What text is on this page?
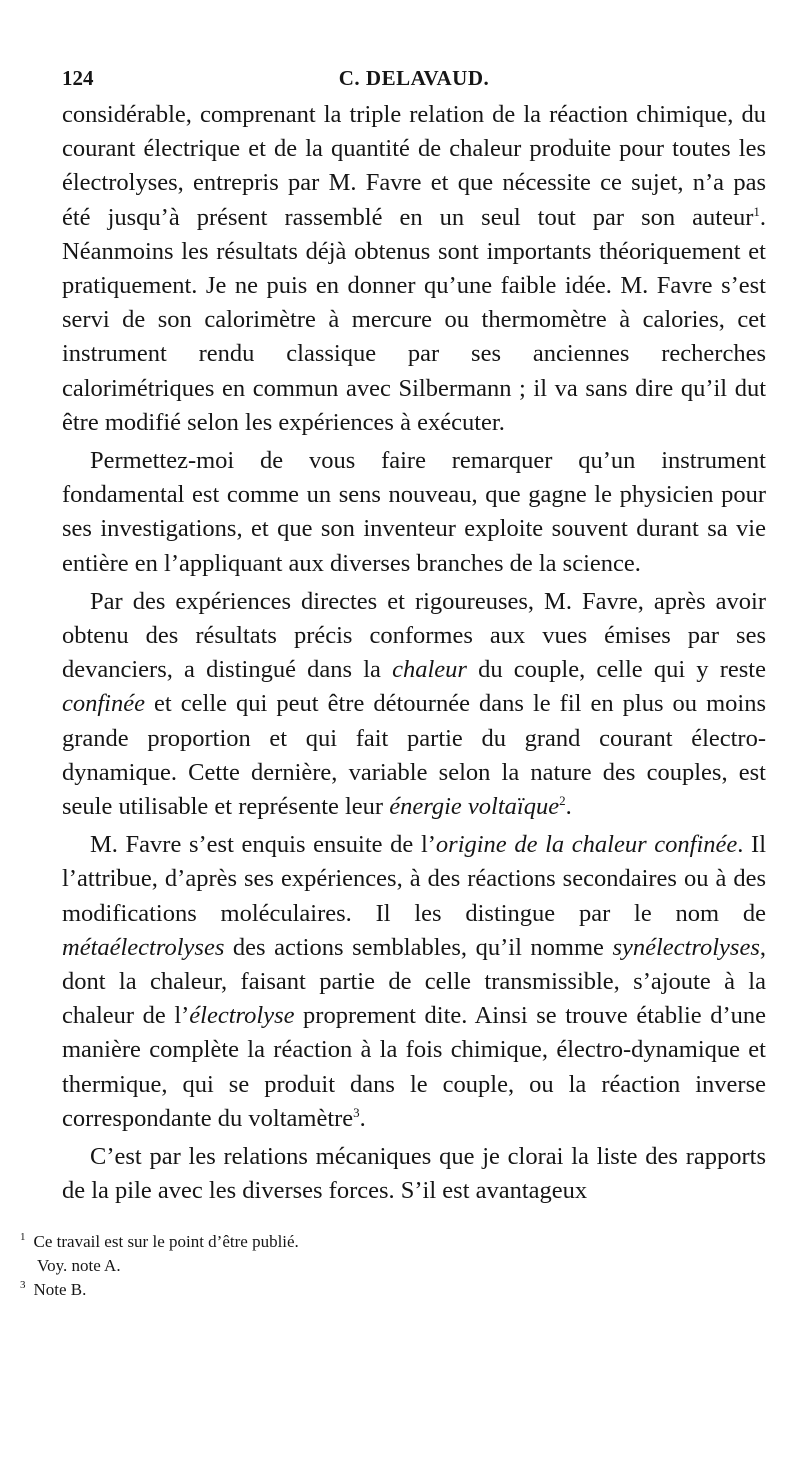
124	C. DELAVAUD.

considérable, comprenant la triple relation de la réaction chimique, du courant électrique et de la quantité de chaleur produite pour toutes les électrolyses, entrepris par M. Favre et que nécessite ce sujet, n’a pas été jusqu’à présent rassemblé en un seul tout par son auteur$^1$. Néanmoins les résultats déjà obtenus sont importants théoriquement et pratiquement. Je ne puis en donner qu’une faible idée. M. Favre s’est servi de son calorimètre à mercure ou thermomètre à calories, cet instrument rendu classique par ses anciennes recherches calorimétriques en commun avec Silbermann ; il va sans dire qu’il dut être modifié selon les expériences à exécuter.

Permettez-moi de vous faire remarquer qu’un instrument fondamental est comme un sens nouveau, que gagne le physicien pour ses investigations, et que son inventeur exploite souvent durant sa vie entière en l’appliquant aux diverses branches de la science.

Par des expériences directes et rigoureuses, M. Favre, après avoir obtenu des résultats précis conformes aux vues émises par ses devanciers, a distingué dans la chaleur du couple, celle qui y reste confinée et celle qui peut être détournée dans le fil en plus ou moins grande proportion et qui fait partie du grand courant électro-dynamique. Cette dernière, variable selon la nature des couples, est seule utilisable et représente leur énergie voltaïque$^2$.

M. Favre s’est enquis ensuite de l’origine de la chaleur confinée. Il l’attribue, d’après ses expériences, à des réactions secondaires ou à des modifications moléculaires. Il les distingue par le nom de métaélectrolyses des actions semblables, qu’il nomme synélectrolyses, dont la chaleur, faisant partie de celle transmissible, s’ajoute à la chaleur de l’électrolyse proprement dite. Ainsi se trouve établie d’une manière complète la réaction à la fois chimique, électro-dynamique et thermique, qui se produit dans le couple, ou la réaction inverse correspondante du voltamètre$^3$.

C’est par les relations mécaniques que je clorai la liste des rapports de la pile avec les diverses forces. S’il est avantageux

$^1$ Ce travail est sur le point d’être publié.
Voy. note A.
$^3$ Note B.
